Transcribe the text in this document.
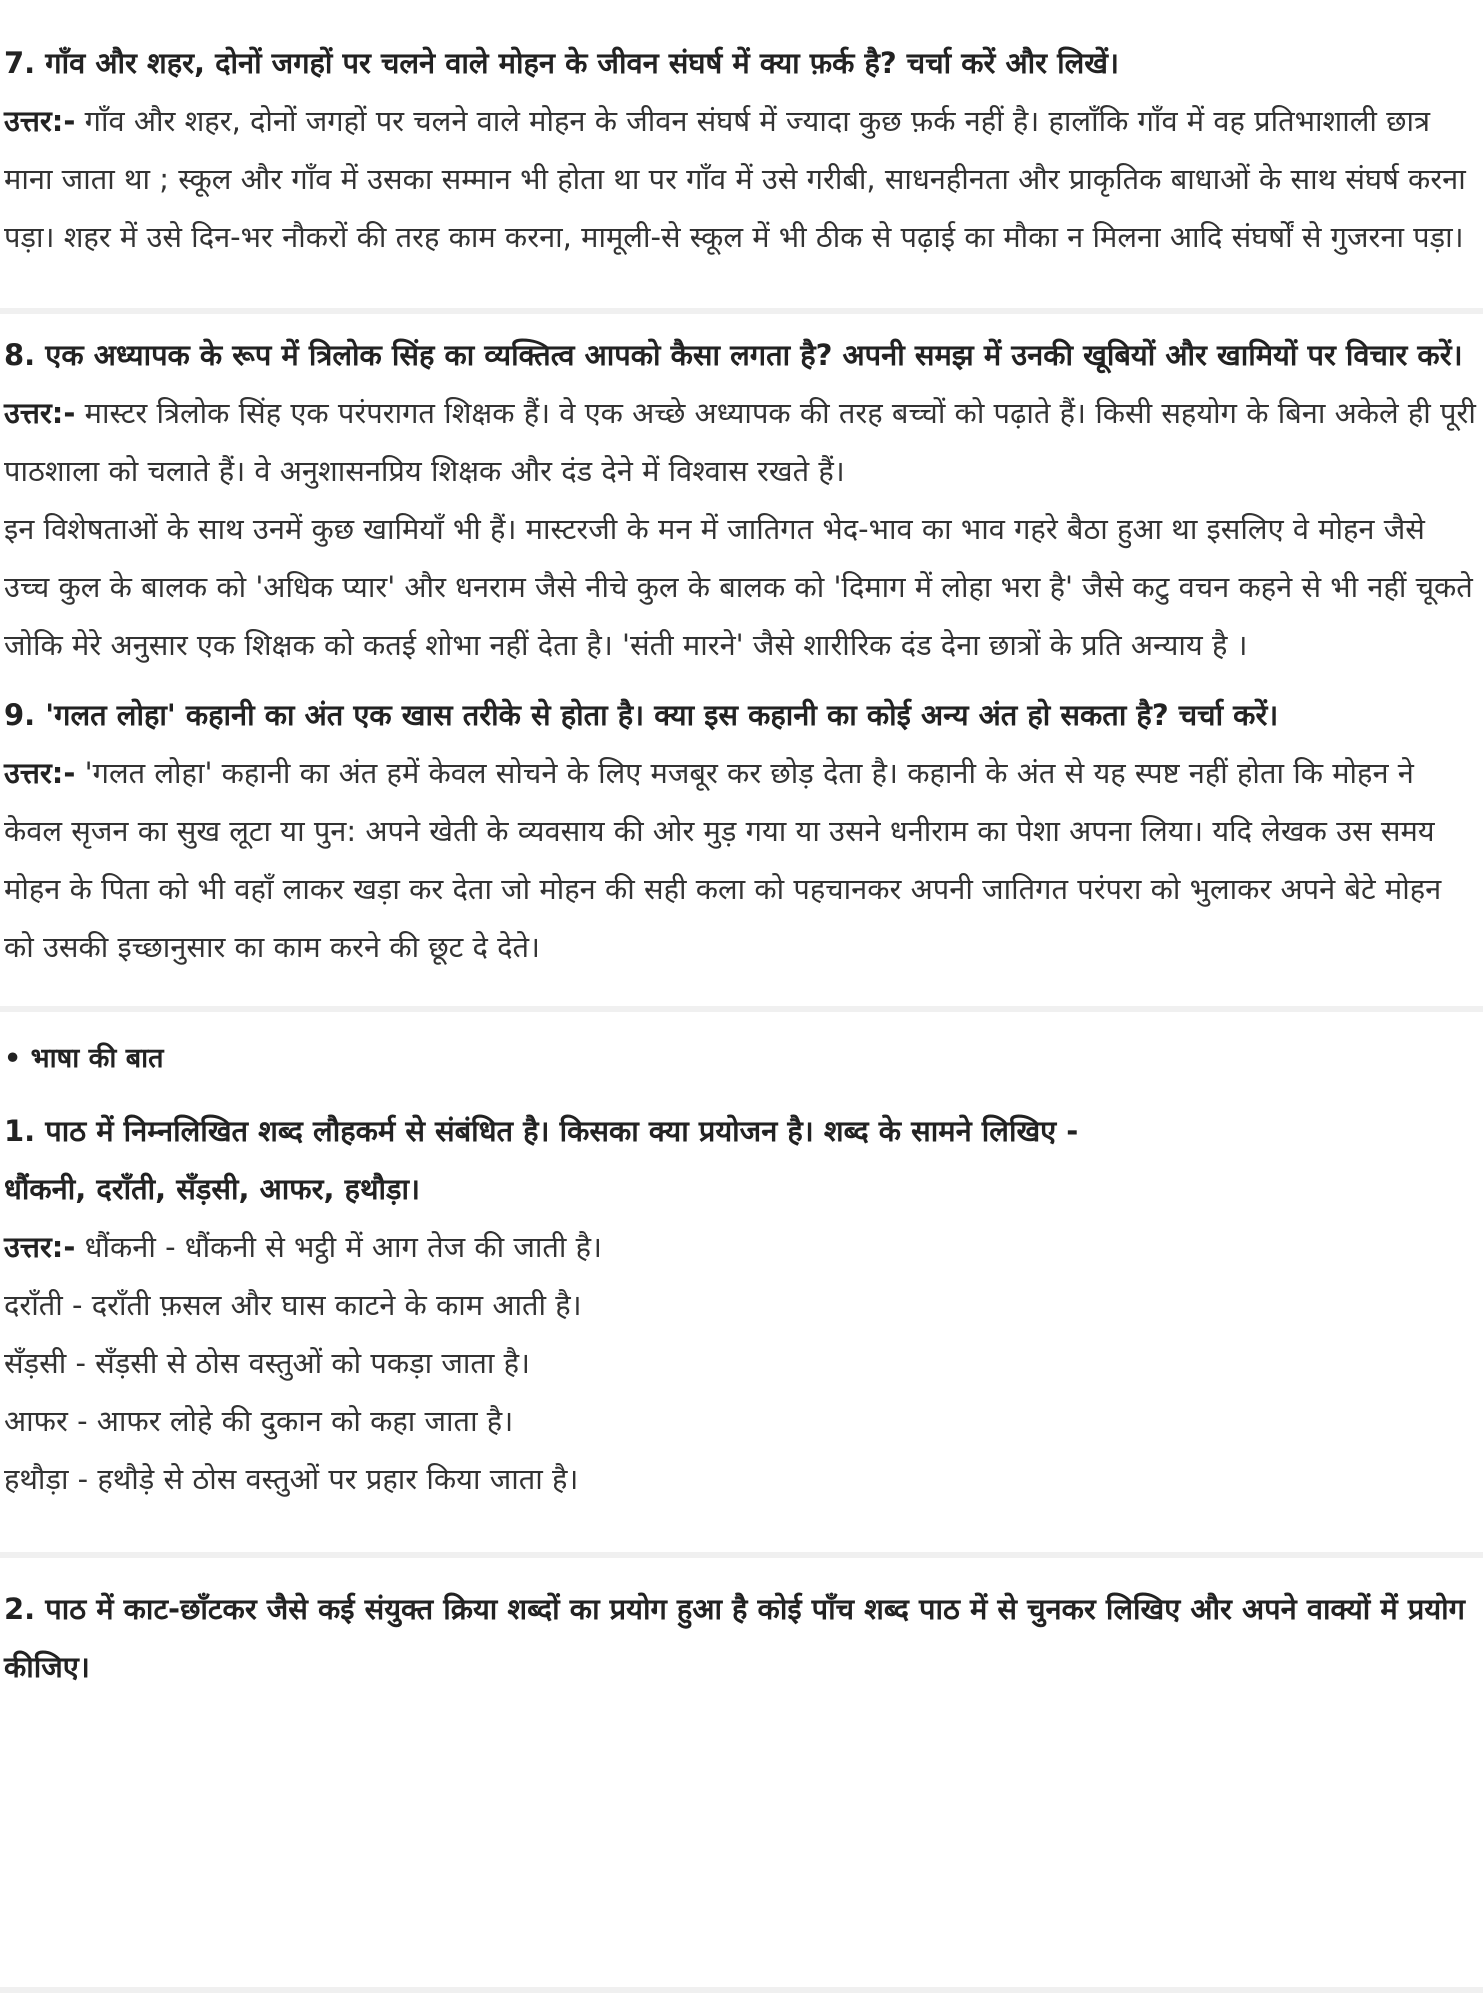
7. गाँव और शहर, दोनों जगहों पर चलने वाले मोहन के जीवन संघर्ष में क्या फ़र्क है? चर्चा करें और लिखें।

उत्तर:- गाँव और शहर, दोनों जगहों पर चलने वाले मोहन के जीवन संघर्ष में ज्यादा कुछ फ़र्क नहीं है। हालाँकि गाँव में वह प्रतिभाशाली छात्र माना जाता था ; स्कूल और गाँव में उसका सम्मान भी होता था पर गाँव में उसे गरीबी, साधनहीनता और प्राकृतिक बाधाओं के साथ संघर्ष करना पड़ा। शहर में उसे दिन-भर नौकरों की तरह काम करना, मामूली-से स्कूल में भी ठीक से पढ़ाई का मौका न मिलना आदि संघर्षों से गुजरना पड़ा।

8. एक अध्यापक के रूप में त्रिलोक सिंह का व्यक्तित्व आपको कैसा लगता है? अपनी समझ में उनकी खूबियों और खामियों पर विचार करें।

उत्तर:- मास्टर त्रिलोक सिंह एक परंपरागत शिक्षक हैं। वे एक अच्छे अध्यापक की तरह बच्चों को पढ़ाते हैं। किसी सहयोग के बिना अकेले ही पूरी पाठशाला को चलाते हैं। वे अनुशासनप्रिय शिक्षक और दंड देने में विश्वास रखते हैं।

इन विशेषताओं के साथ उनमें कुछ खामियाँ भी हैं। मास्टरजी के मन में जातिगत भेद-भाव का भाव गहरे बैठा हुआ था इसलिए वे मोहन जैसे उच्च कुल के बालक को 'अधिक प्यार' और धनराम जैसे नीचे कुल के बालक को 'दिमाग में लोहा भरा है' जैसे कटु वचन कहने से भी नहीं चूकते जोकि मेरे अनुसार एक शिक्षक को कतई शोभा नहीं देता है। 'संती मारने' जैसे शारीरिक दंड देना छात्रों के प्रति अन्याय है ।

9. 'गलत लोहा' कहानी का अंत एक खास तरीके से होता है। क्या इस कहानी का कोई अन्य अंत हो सकता है? चर्चा करें।

उत्तर:- 'गलत लोहा' कहानी का अंत हमें केवल सोचने के लिए मजबूर कर छोड़ देता है। कहानी के अंत से यह स्पष्ट नहीं होता कि मोहन ने केवल सृजन का सुख लूटा या पुन: अपने खेती के व्यवसाय की ओर मुड़ गया या उसने धनीराम का पेशा अपना लिया। यदि लेखक उस समय मोहन के पिता को भी वहाँ लाकर खड़ा कर देता जो मोहन की सही कला को पहचानकर अपनी जातिगत परंपरा को भुलाकर अपने बेटे मोहन को उसकी इच्छानुसार का काम करने की छूट दे देते।

• भाषा की बात

1. पाठ में निम्नलिखित शब्द लौहकर्म से संबंधित है। किसका क्या प्रयोजन है। शब्द के सामने लिखिए -

धौंकनी, दराँती, सँड़सी, आफर, हथौड़ा।

उत्तर:- धौंकनी - धौंकनी से भट्ठी में आग तेज की जाती है।

दराँती - दराँती फ़सल और घास काटने के काम आती है।

सँड़सी - सँड़सी से ठोस वस्तुओं को पकड़ा जाता है।

आफर - आफर लोहे की दुकान को कहा जाता है।

हथौड़ा - हथौड़े से ठोस वस्तुओं पर प्रहार किया जाता है।

2. पाठ में काट-छाँटकर जैसे कई संयुक्त क्रिया शब्दों का प्रयोग हुआ है कोई पाँच शब्द पाठ में से चुनकर लिखिए और अपने वाक्यों में प्रयोग कीजिए।
